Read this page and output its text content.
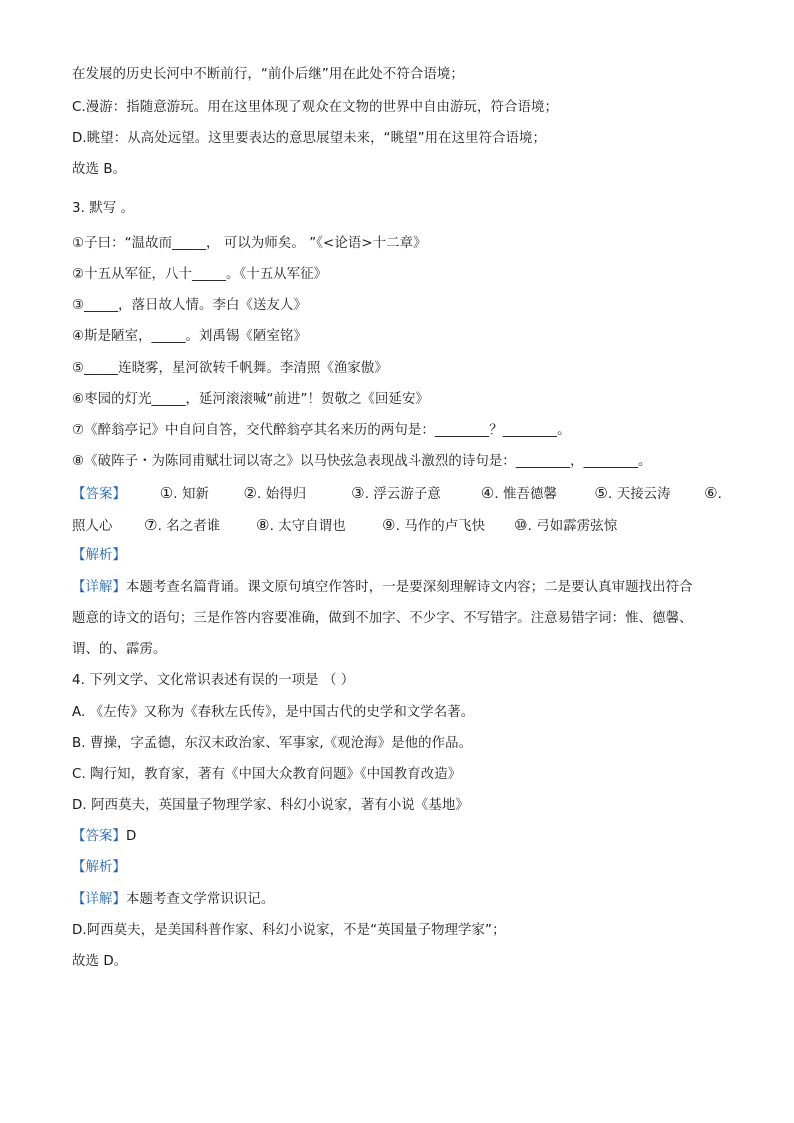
在发展的历史长河中不断前行，“前仆后继”用在此处不符合语境；
C.漫游：指随意游玩。用在这里体现了观众在文物的世界中自由游玩，符合语境；
D.眺望：从高处远望。这里要表达的意思展望未来，“眺望”用在这里符合语境；
故选 B。
3. 默写 。
①子曰：“温故而_____， 可以为师矣。 ”《<论语>十二章》
②十五从军征，八十_____。《十五从军征》
③_____，落日故人情。李白《送友人》
④斯是陋室，_____。刘禹锡《陋室铭》
⑤_____连晓雾，星河欲转千帆舞。李清照《渔家傲》
⑥枣园的灯光_____，延河滚滚喊“前进”！贺敬之《回延安》
⑦《醉翁亭记》中自问自答，交代醉翁亭其名来历的两句是：________？________。
⑧《破阵子・为陈同甫赋壮词以寄之》以马快弦急表现战斗激烈的诗句是：________，________。
【答案】	① . 知新 ② . 始得归	③ . 浮云游子意	④ . 惟吾德馨 ⑤ . 天接云涛 ⑥ .
照人心	⑦ . 名之者谁 ⑧ . 太守自谓也 ⑨ . 马作的卢飞快 ⑩ . 弓如霹雳弦惊
【解析】
【详解】本题考查名篇背诵。课文原句填空作答时，一是要深刻理解诗文内容；二是要认真审题找出符合
题意的诗文的语句；三是作答内容要准确，做到不加字、不少字、不写错字。注意易错字词：惟、德馨、
谓、的、霹雳。
4. 下列文学、文化常识表述有误的一项是 （ ）
A. 《左传》又称为《春秋左氏传》，是中国古代的史学和文学名著。
B. 曹操，字孟德，东汉末政治家、军事家,《观沧海》是他的作品。
C. 陶行知，教育家，著有《中国大众教育问题》《中国教育改造》
D. 阿西莫夫，英国量子物理学家、科幻小说家，著有小说《基地》
【答案】D
【解析】
【详解】本题考查文学常识识记。
D.阿西莫夫，是美国科普作家、科幻小说家，不是“英国量子物理学家”；
故选 D。
